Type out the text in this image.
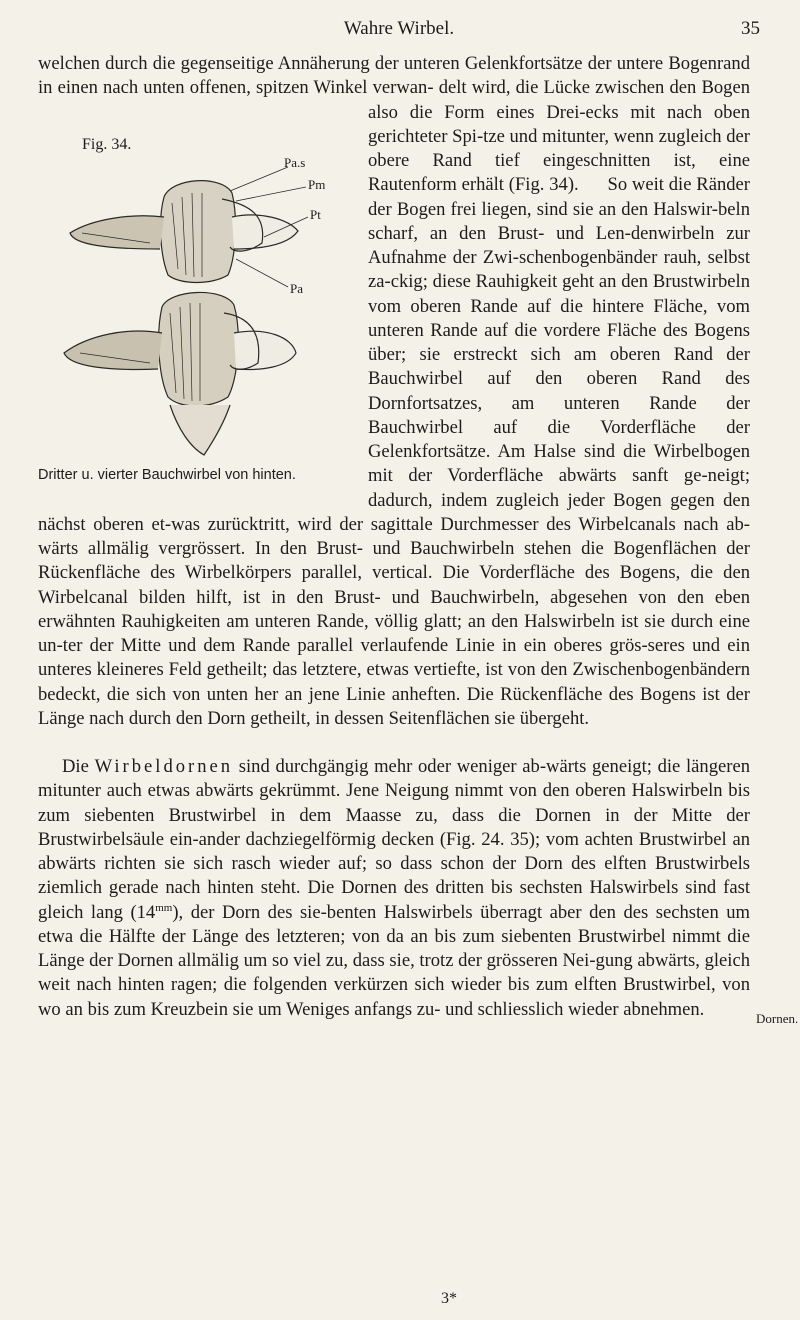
Wahre Wirbel.	35
welchen durch die gegenseitige Annäherung der unteren Gelenkfortsätze der untere Bogenrand in einen nach unten offenen, spitzen Winkel verwan-
Fig. 34.
Pa.s
Pm
Pt
Pa
Dritter u. vierter Bauchwirbel von hinten.
delt wird, die Lücke zwischen den Bogen also die Form eines Drei-ecks mit nach oben gerichteter Spi-tze und mitunter, wenn zugleich der obere Rand tief eingeschnitten ist, eine Rautenform erhält (Fig. 34). So weit die Ränder der Bogen frei liegen, sind sie an den Halswir-beln scharf, an den Brust- und Len-denwirbeln zur Aufnahme der Zwi-schenbogenbänder rauh, selbst za-ckig; diese Rauhigkeit geht an den Brustwirbeln vom oberen Rande auf die hintere Fläche, vom unteren Rande auf die vordere Fläche des Bogens über; sie erstreckt sich am oberen Rand der Bauchwirbel auf den oberen Rand des Dornfortsatzes, am unteren Rande der Bauchwirbel auf die Vorderfläche der Gelenkfortsätze. Am Halse sind die Wirbelbogen mit der Vorderfläche abwärts sanft ge-neigt; dadurch, indem zugleich jeder Bogen gegen den nächst oberen et-was zurücktritt, wird der sagittale Durchmesser des Wirbelcanals nach ab-wärts allmälig vergrössert. In den Brust- und Bauchwirbeln stehen die Bogenflächen der Rückenfläche des Wirbelkörpers parallel, vertical. Die Vorderfläche des Bogens, die den Wirbelcanal bilden hilft, ist in den Brust- und Bauchwirbeln, abgesehen von den eben erwähnten Rauhigkeiten am unteren Rande, völlig glatt; an den Halswirbeln ist sie durch eine un-ter der Mitte und dem Rande parallel verlaufende Linie in ein oberes grös-seres und ein unteres kleineres Feld getheilt; das letztere, etwas vertiefte, ist von den Zwischenbogenbändern bedeckt, die sich von unten her an jene Linie anheften. Die Rückenfläche des Bogens ist der Länge nach durch den Dorn getheilt, in dessen Seitenflächen sie übergeht.
Die Wirbeldornen sind durchgängig mehr oder weniger ab-wärts geneigt; die längeren mitunter auch etwas abwärts gekrümmt. Jene Neigung nimmt von den oberen Halswirbeln bis zum siebenten Brustwirbel in dem Maasse zu, dass die Dornen in der Mitte der Brustwirbelsäule ein-ander dachziegelförmig decken (Fig. 24. 35); vom achten Brustwirbel an abwärts richten sie sich rasch wieder auf; so dass schon der Dorn des elften Brustwirbels ziemlich gerade nach hinten steht. Die Dornen des dritten bis sechsten Halswirbels sind fast gleich lang $(14^{mm})$, der Dorn des sie-benten Halswirbels überragt aber den des sechsten um etwa die Hälfte der Länge des letzteren; von da an bis zum siebenten Brustwirbel nimmt die Länge der Dornen allmälig um so viel zu, dass sie, trotz der grösseren Nei-gung abwärts, gleich weit nach hinten ragen; die folgenden verkürzen sich wieder bis zum elften Brustwirbel, von wo an bis zum Kreuzbein sie um Weniges anfangs zu- und schliesslich wieder abnehmen.	Dornen.
3*
